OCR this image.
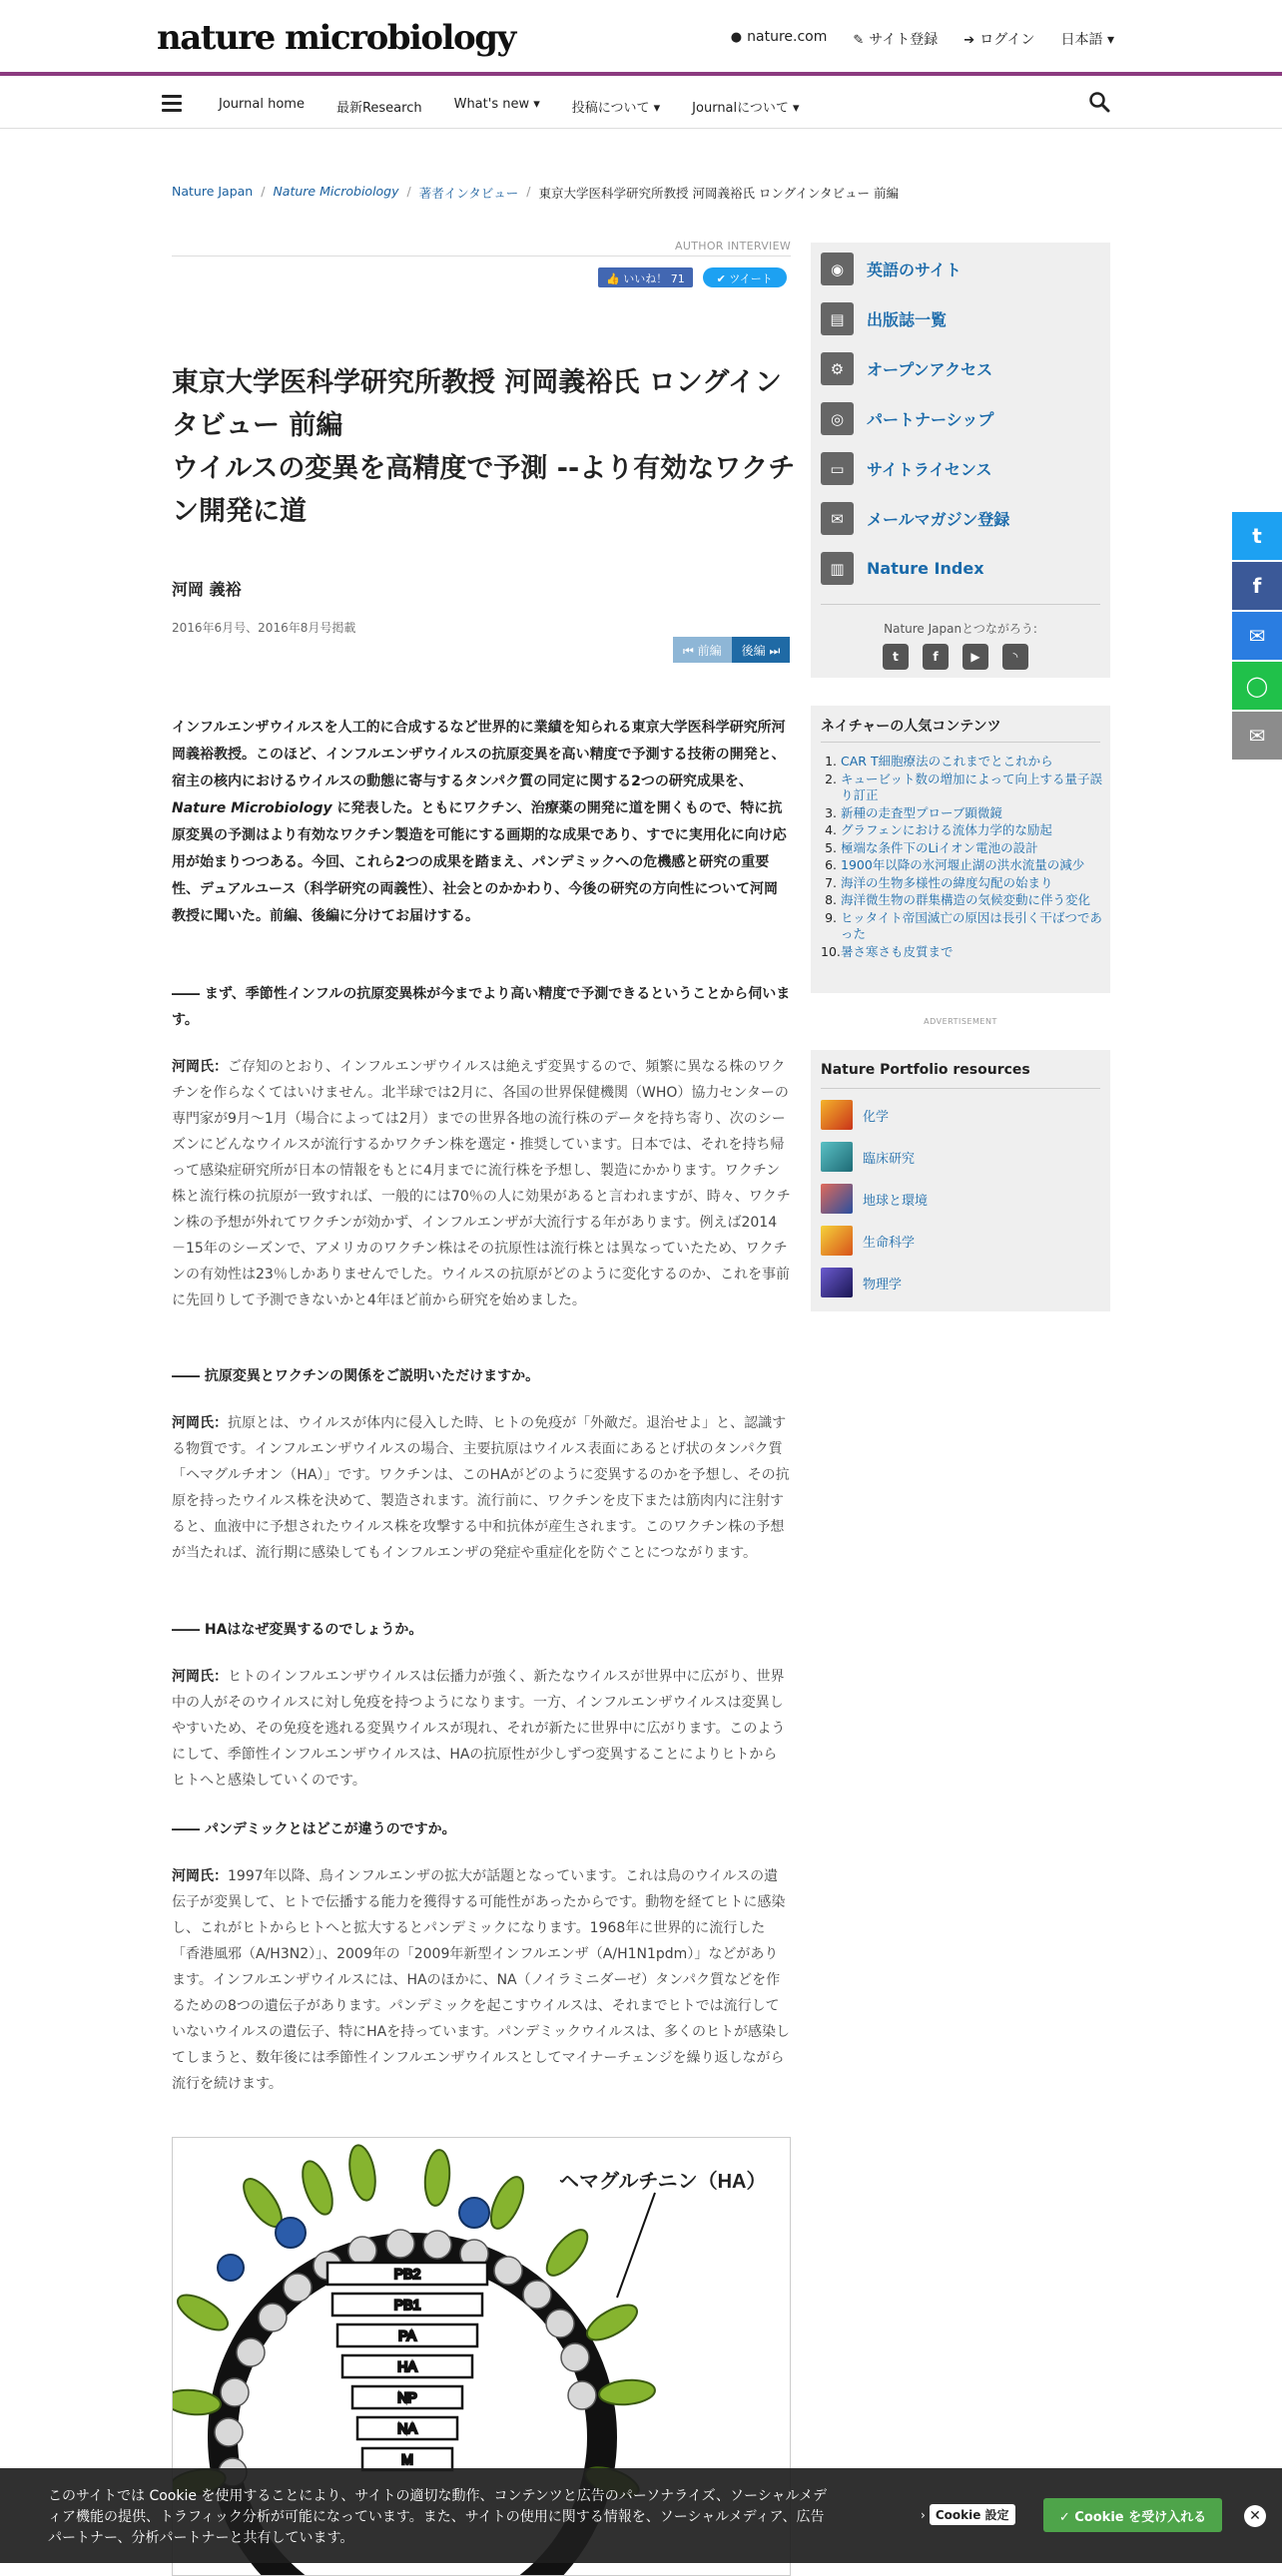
nature microbiology	● nature.com ✎ サイト登録 ➔ ログイン 日本語 ▾
Journal home 最新Research What's new ▾ 投稿について ▾ Journalについて ▾
Nature Japan / Nature Microbiology / 著者インタビュー / 東京大学医科学研究所教授 河岡義裕氏 ロングインタビュー 前編
AUTHOR INTERVIEW
👍 いいね！ 71	✔ ツイート
東京大学医科学研究所教授 河岡義裕氏 ロングインタビュー 前編
ウイルスの変異を高精度で予測 --より有効なワクチン開発に道
河岡 義裕
2016年6月号、2016年8月号掲載
⏮ 前編	後編 ⏭
インフルエンザウイルスを人工的に合成するなど世界的に業績を知られる東京大学医科学研究所河岡義裕教授。このほど、インフルエンザウイルスの抗原変異を高い精度で予測する技術の開発と、宿主の核内におけるウイルスの動態に寄与するタンパク質の同定に関する2つの研究成果を、Nature Microbiology に発表した。ともにワクチン、治療薬の開発に道を開くもので、特に抗原変異の予測はより有効なワクチン製造を可能にする画期的な成果であり、すでに実用化に向け応用が始まりつつある。今回、これら2つの成果を踏まえ、パンデミックへの危機感と研究の重要性、デュアルユース（科学研究の両義性）、社会とのかかわり、今後の研究の方向性について河岡教授に聞いた。前編、後編に分けてお届けする。
―― まず、季節性インフルの抗原変異株が今までより高い精度で予測できるということから伺います。
河岡氏：ご存知のとおり、インフルエンザウイルスは絶えず変異するので、頻繁に異なる株のワクチンを作らなくてはいけません。北半球では2月に、各国の世界保健機関（WHO）協力センターの専門家が9月〜1月（場合によっては2月）までの世界各地の流行株のデータを持ち寄り、次のシーズンにどんなウイルスが流行するかワクチン株を選定・推奨しています。日本では、それを持ち帰って感染症研究所が日本の情報をもとに4月までに流行株を予想し、製造にかかります。ワクチン株と流行株の抗原が一致すれば、一般的には70％の人に効果があると言われますが、時々、ワクチン株の予想が外れてワクチンが効かず、インフルエンザが大流行する年があります。例えば2014－15年のシーズンで、アメリカのワクチン株はその抗原性は流行株とは異なっていたため、ワクチンの有効性は23％しかありませんでした。ウイルスの抗原がどのように変化するのか、これを事前に先回りして予測できないかと4年ほど前から研究を始めました。
―― 抗原変異とワクチンの関係をご説明いただけますか。
河岡氏：抗原とは、ウイルスが体内に侵入した時、ヒトの免疫が「外敵だ。退治せよ」と、認識する物質です。インフルエンザウイルスの場合、主要抗原はウイルス表面にあるとげ状のタンパク質「ヘマグルチオン（HA）」です。ワクチンは、このHAがどのように変異するのかを予想し、その抗原を持ったウイルス株を決めて、製造されます。流行前に、ワクチンを皮下または筋肉内に注射すると、血液中に予想されたウイルス株を攻撃する中和抗体が産生されます。このワクチン株の予想が当たれば、流行期に感染してもインフルエンザの発症や重症化を防ぐことにつながります。
―― HAはなぜ変異するのでしょうか。
河岡氏：ヒトのインフルエンザウイルスは伝播力が強く、新たなウイルスが世界中に広がり、世界中の人がそのウイルスに対し免疫を持つようになります。一方、インフルエンザウイルスは変異しやすいため、その免疫を逃れる変異ウイルスが現れ、それが新たに世界中に広がります。このようにして、季節性インフルエンザウイルスは、HAの抗原性が少しずつ変異することによりヒトからヒトへと感染していくのです。
―― パンデミックとはどこが違うのですか。
河岡氏：1997年以降、鳥インフルエンザの拡大が話題となっています。これは鳥のウイルスの遺伝子が変異して、ヒトで伝播する能力を獲得する可能性があったからです。動物を経てヒトに感染し、これがヒトからヒトへと拡大するとパンデミックになります。1968年に世界的に流行した「香港風邪（A/H3N2）」、2009年の「2009年新型インフルエンザ（A/H1N1pdm）」などがあります。インフルエンザウイルスには、HAのほかに、NA（ノイラミニダーゼ）タンパク質などを作るための8つの遺伝子があります。パンデミックを起こすウイルスは、それまでヒトでは流行していないウイルスの遺伝子、特にHAを持っています。パンデミックウイルスは、多くのヒトが感染してしまうと、数年後には季節性インフルエンザウイルスとしてマイナーチェンジを繰り返しながら流行を続けます。
PB2
PB1
PA
HA
NP
NA
M
ヘマグルチニン（HA）
◉	英語のサイト
▤	出版誌一覧
⚙	オープンアクセス
◎	パートナーシップ
▭	サイトライセンス
✉	メールマガジン登録
▥	Nature Index
Nature Japanとつながろう:
t	f	▶	◝
ネイチャーの人気コンテンツ
1. CAR T細胞療法のこれまでとこれから
2. キュービット数の増加によって向上する量子誤り訂正
3. 新種の走査型プローブ顕微鏡
4. グラフェンにおける流体力学的な励起
5. 極端な条件下のLiイオン電池の設計
6. 1900年以降の氷河堰止湖の洪水流量の減少
7. 海洋の生物多様性の緯度勾配の始まり
8. 海洋微生物の群集構造の気候変動に伴う変化
9. ヒッタイト帝国滅亡の原因は長引く干ばつであった
10. 暑さ寒さも皮質まで
ADVERTISEMENT
Nature Portfolio resources
化学
臨床研究
地球と環境
生命科学
物理学
t
f
✉
◯
✉
このサイトでは Cookie を使用することにより、サイトの適切な動作、コンテンツと広告のパーソナライズ、ソーシャルメディア機能の提供、トラフィック分析が可能になっています。また、サイトの使用に関する情報を、ソーシャルメディア、広告パートナー、分析パートナーと共有しています。
› Cookie 設定	✓ Cookie を受け入れる	✕
